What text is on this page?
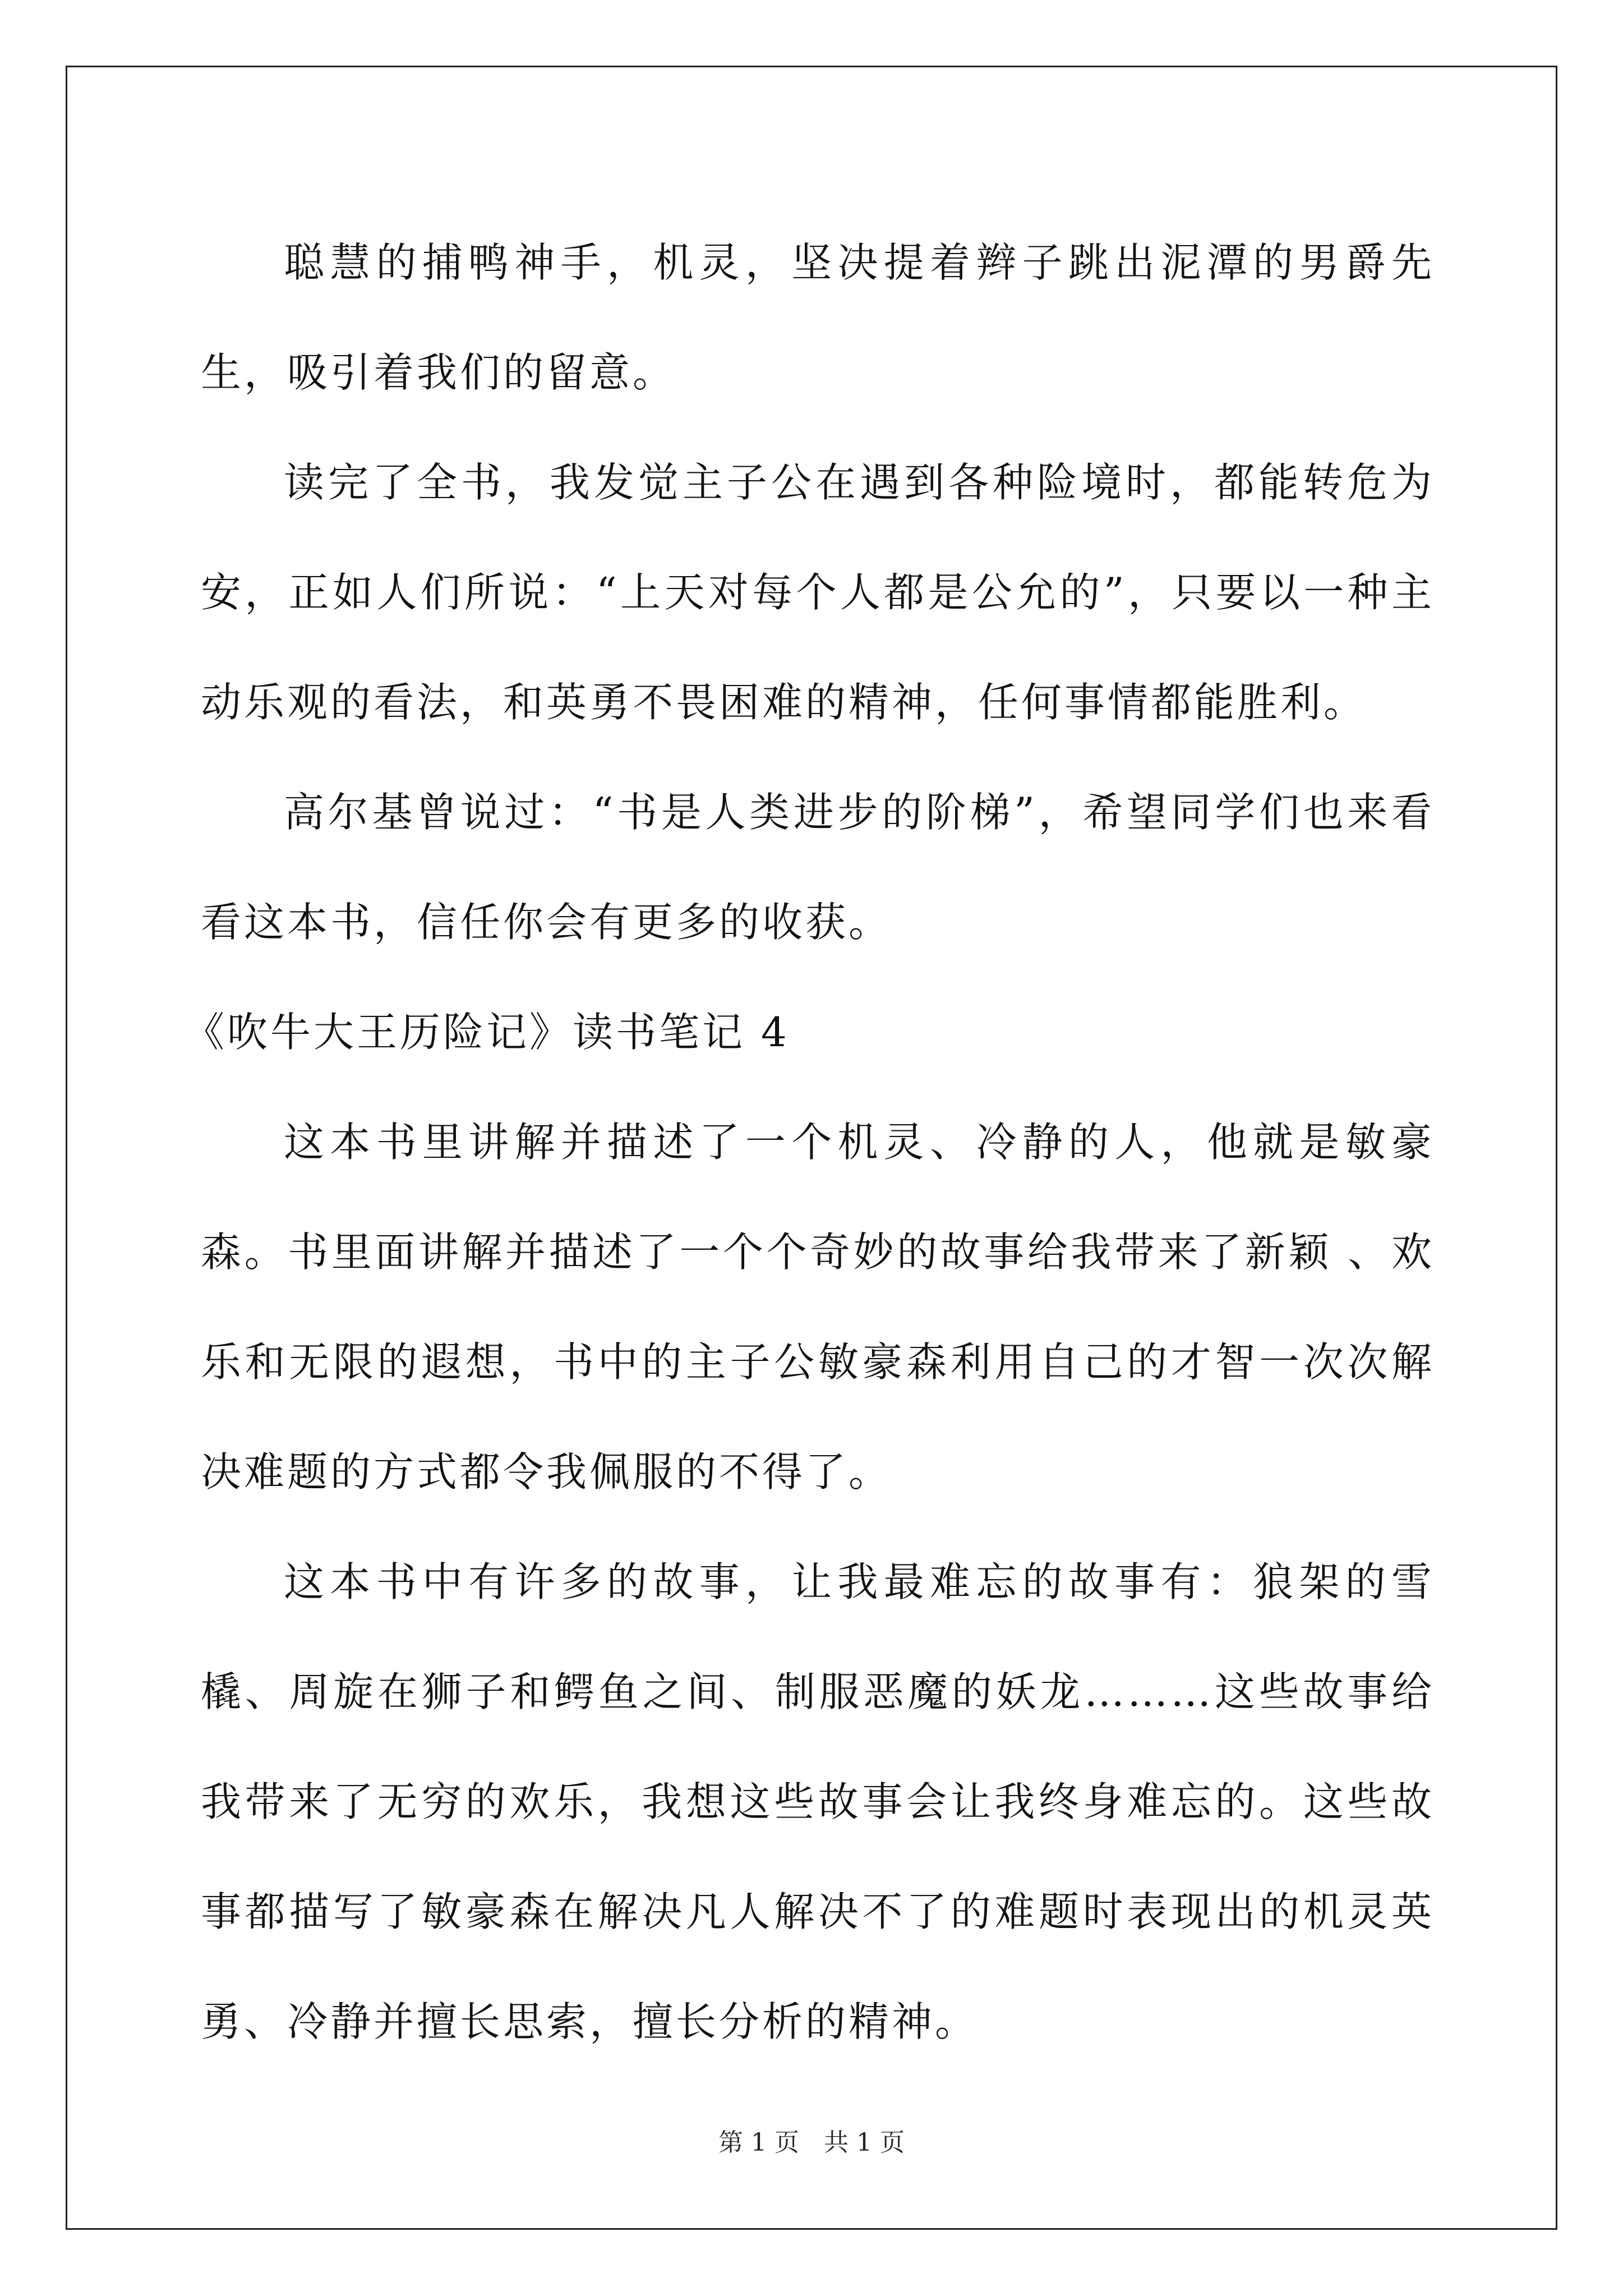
聪慧的捕鸭神手，机灵，坚决提着辫子跳出泥潭的男爵先生，吸引着我们的留意。

读完了全书，我发觉主子公在遇到各种险境时，都能转危为安，正如人们所说：“上天对每个人都是公允的”，只要以一种主动乐观的看法，和英勇不畏困难的精神，任何事情都能胜利。

高尔基曾说过：“书是人类进步的阶梯”，希望同学们也来看看这本书，信任你会有更多的收获。

《吹牛大王历险记》读书笔记 4

这本书里讲解并描述了一个机灵、冷静的人，他就是敏豪森。书里面讲解并描述了一个个奇妙的故事给我带来了新颖 、欢乐和无限的遐想，书中的主子公敏豪森利用自己的才智一次次解决难题的方式都令我佩服的不得了。

这本书中有许多的故事，让我最难忘的故事有：狼架的雪橇、周旋在狮子和鳄鱼之间、制服恶魔的妖龙………这些故事给我带来了无穷的欢乐，我想这些故事会让我终身难忘的。这些故事都描写了敏豪森在解决凡人解决不了的难题时表现出的机灵英勇、冷静并擅长思索，擅长分析的精神。

第 1 页　共 1 页
